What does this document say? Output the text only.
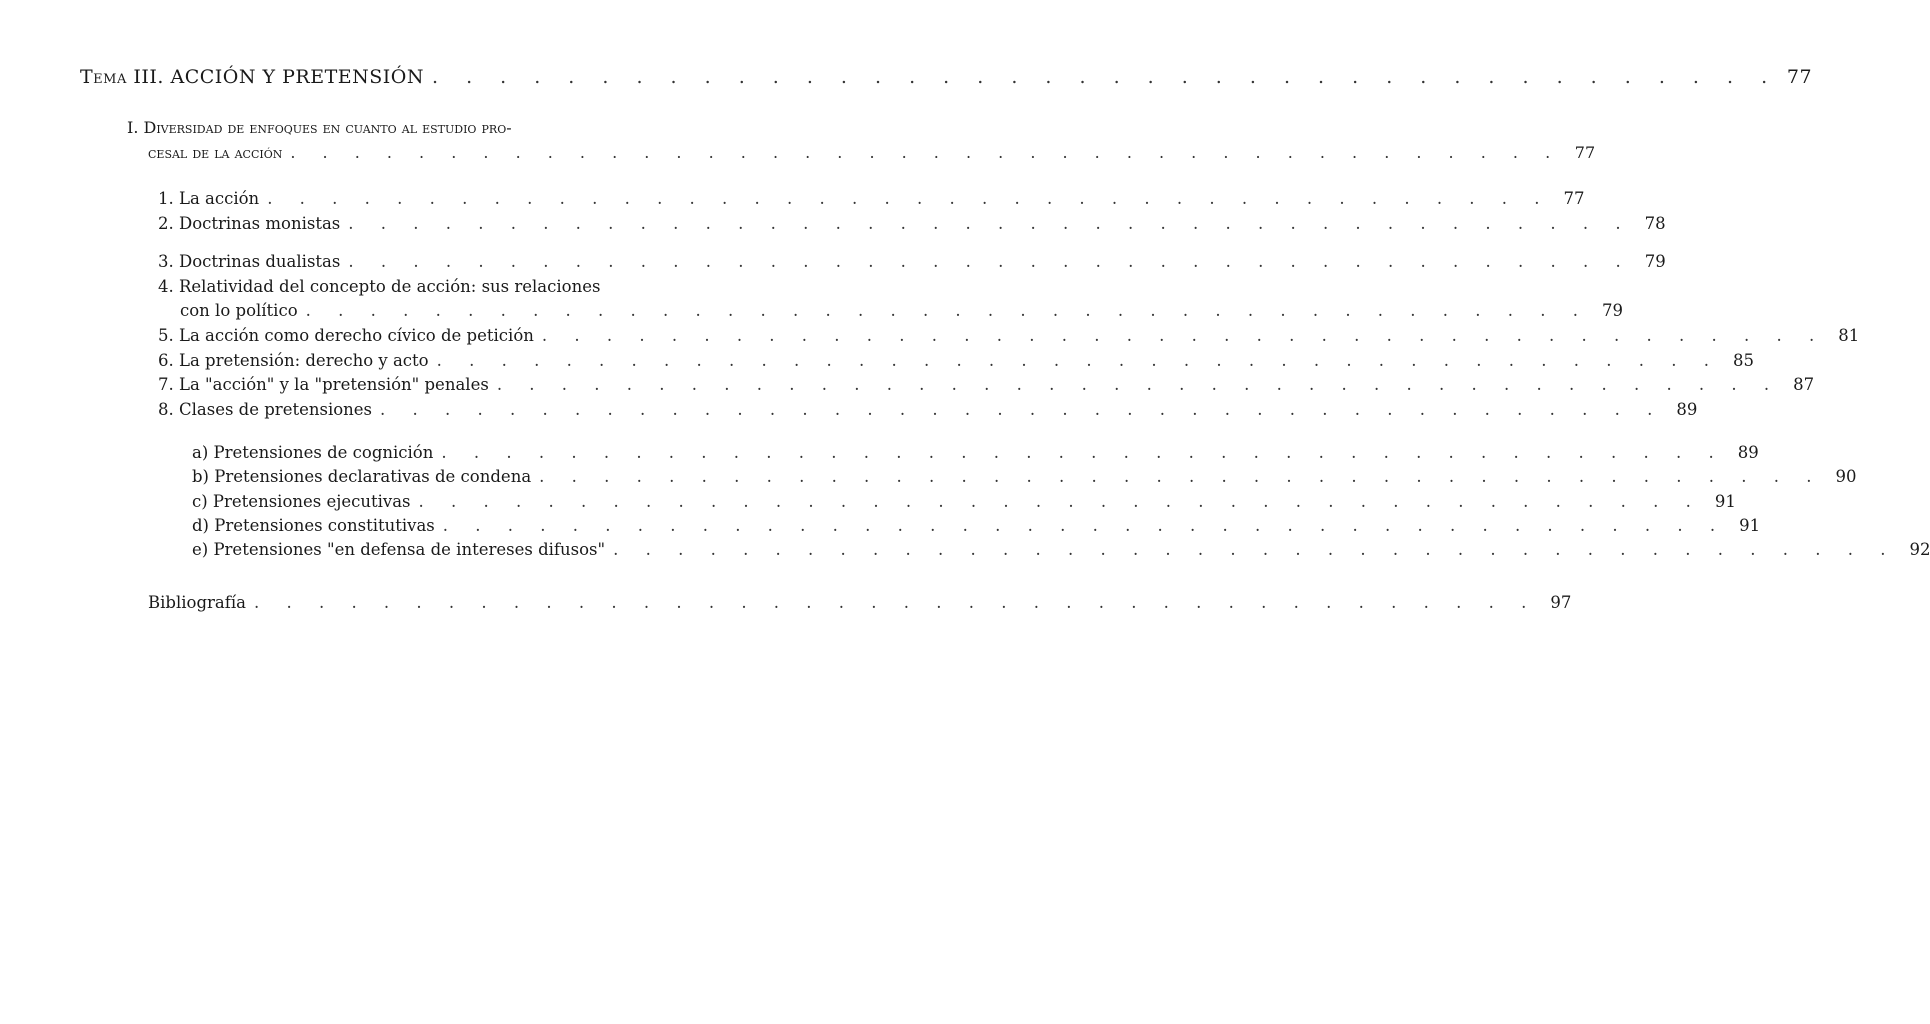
Tema III. ACCIÓN Y PRETENSIÓN . . . . . . . . . . . . . . . . . . . . . . . . . . . . . . . . . . . . . . . . 77
I. Diversidad de enfoques en cuanto al estudio pro-
cesal de la acción . . . . . . . . . . . . . . . . . . . . . . . . . . . . . . . . . . . . . . . . 77
1. La acción . . . . . . . . . . . . . . . . . . . . . . . . . . . . . . . . . . . . . . . . 77
2. Doctrinas monistas . . . . . . . . . . . . . . . . . . . . . . . . . . . . . . . . . . . . . . . . 78
3. Doctrinas dualistas . . . . . . . . . . . . . . . . . . . . . . . . . . . . . . . . . . . . . . . . 79
4. Relatividad del concepto de acción: sus relaciones
con lo político . . . . . . . . . . . . . . . . . . . . . . . . . . . . . . . . . . . . . . . . 79
5. La acción como derecho cívico de petición . . . . . . . . . . . . . . . . . . . . . . . . . . . . . . . . . . . . . . . . 81
6. La pretensión: derecho y acto . . . . . . . . . . . . . . . . . . . . . . . . . . . . . . . . . . . . . . . . 85
7. La "acción" y la "pretensión" penales . . . . . . . . . . . . . . . . . . . . . . . . . . . . . . . . . . . . . . . . 87
8. Clases de pretensiones . . . . . . . . . . . . . . . . . . . . . . . . . . . . . . . . . . . . . . . . 89
a) Pretensiones de cognición . . . . . . . . . . . . . . . . . . . . . . . . . . . . . . . . . . . . . . . . 89
b) Pretensiones declarativas de condena . . . . . . . . . . . . . . . . . . . . . . . . . . . . . . . . . . . . . . . . 90
c) Pretensiones ejecutivas . . . . . . . . . . . . . . . . . . . . . . . . . . . . . . . . . . . . . . . . 91
d) Pretensiones constitutivas . . . . . . . . . . . . . . . . . . . . . . . . . . . . . . . . . . . . . . . . 91
e) Pretensiones "en defensa de intereses difusos" . . . . . . . . . . . . . . . . . . . . . . . . . . . . . . . . . . . . . . . . 92
Bibliografía . . . . . . . . . . . . . . . . . . . . . . . . . . . . . . . . . . . . . . . . 97
